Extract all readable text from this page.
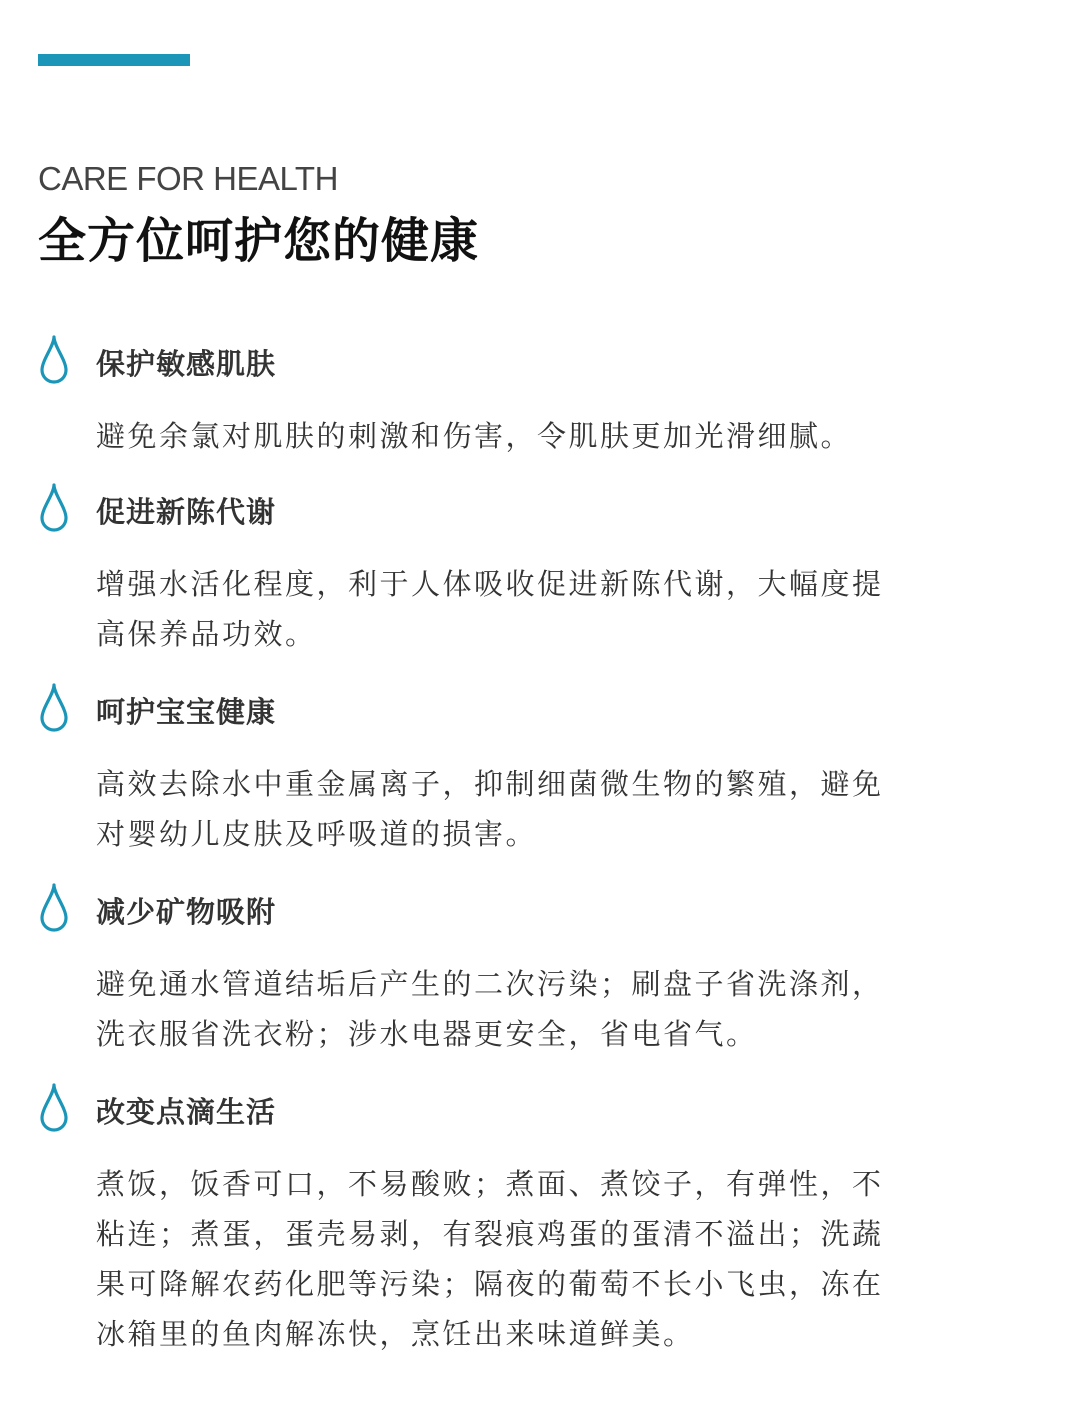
CARE FOR HEALTH
全方位呵护您的健康
保护敏感肌肤

避免余氯对肌肤的刺激和伤害，令肌肤更加光滑细腻。

促进新陈代谢

增强水活化程度，利于人体吸收促进新陈代谢，大幅度提高保养品功效。

呵护宝宝健康

高效去除水中重金属离子，抑制细菌微生物的繁殖，避免对婴幼儿皮肤及呼吸道的损害。

减少矿物吸附

避免通水管道结垢后产生的二次污染；刷盘子省洗涤剂，洗衣服省洗衣粉；涉水电器更安全，省电省气。

改变点滴生活

煮饭，饭香可口，不易酸败；煮面、煮饺子，有弹性，不粘连；煮蛋，蛋壳易剥，有裂痕鸡蛋的蛋清不溢出；洗蔬果可降解农药化肥等污染；隔夜的葡萄不长小飞虫，冻在冰箱里的鱼肉解冻快，烹饪出来味道鲜美。
